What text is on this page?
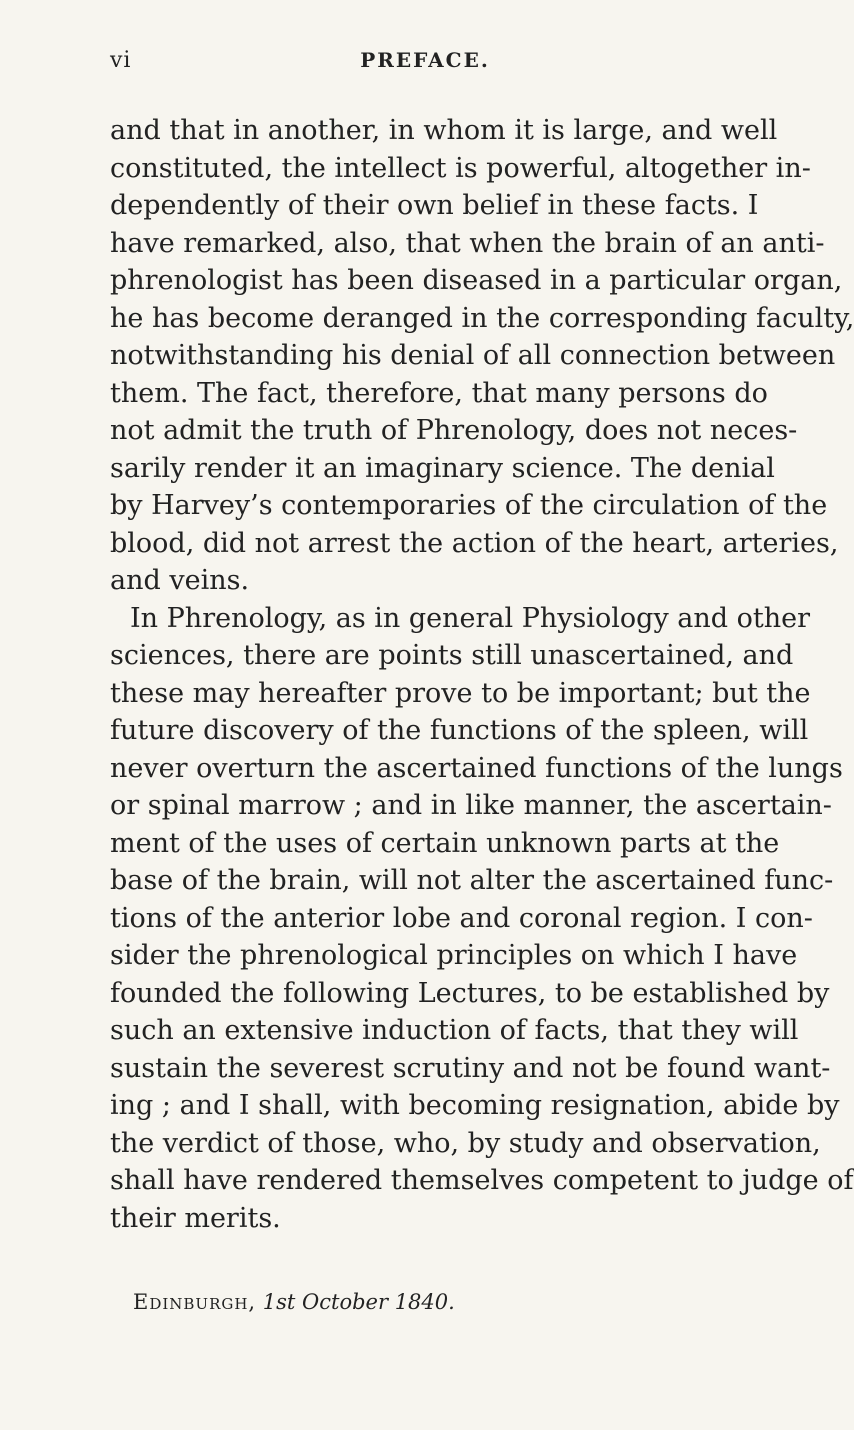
vi	PREFACE.
and that in another, in whom it is large, and well
constituted, the intellect is powerful, altogether in-
dependently of their own belief in these facts. I
have remarked, also, that when the brain of an anti-
phrenologist has been diseased in a particular organ,
he has become deranged in the corresponding faculty,
notwithstanding his denial of all connection between
them. The fact, therefore, that many persons do
not admit the truth of Phrenology, does not neces-
sarily render it an imaginary science. The denial
by Harvey’s contemporaries of the circulation of the
blood, did not arrest the action of the heart, arteries,
and veins.
In Phrenology, as in general Physiology and other
sciences, there are points still unascertained, and
these may hereafter prove to be important; but the
future discovery of the functions of the spleen, will
never overturn the ascertained functions of the lungs
or spinal marrow ; and in like manner, the ascertain-
ment of the uses of certain unknown parts at the
base of the brain, will not alter the ascertained func-
tions of the anterior lobe and coronal region. I con-
sider the phrenological principles on which I have
founded the following Lectures, to be established by
such an extensive induction of facts, that they will
sustain the severest scrutiny and not be found want-
ing ; and I shall, with becoming resignation, abide by
the verdict of those, who, by study and observation,
shall have rendered themselves competent to judge of
their merits.
Edinburgh, 1st October 1840.
